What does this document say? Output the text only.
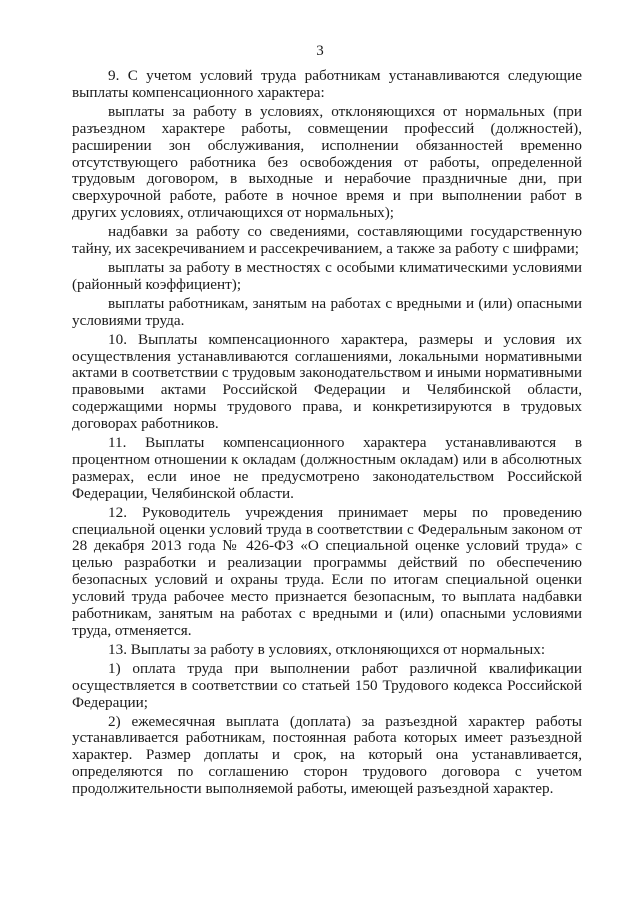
3

9. С учетом условий труда работникам устанавливаются следующие выплаты компенсационного характера:

выплаты за работу в условиях, отклоняющихся от нормальных (при разъездном характере работы, совмещении профессий (должностей), расширении зон обслуживания, исполнении обязанностей временно отсутствующего работника без освобождения от работы, определенной трудовым договором, в выходные и нерабочие праздничные дни, при сверхурочной работе, работе в ночное время и при выполнении работ в других условиях, отличающихся от нормальных);

надбавки за работу со сведениями, составляющими государственную тайну, их засекречиванием и рассекречиванием, а также за работу с шифрами;

выплаты за работу в местностях с особыми климатическими условиями (районный коэффициент);

выплаты работникам, занятым на работах с вредными и (или) опасными условиями труда.

10. Выплаты компенсационного характера, размеры и условия их осуществления устанавливаются соглашениями, локальными нормативными актами в соответствии с трудовым законодательством и иными нормативными правовыми актами Российской Федерации и Челябинской области, содержащими нормы трудового права, и конкретизируются в трудовых договорах работников.

11. Выплаты компенсационного характера устанавливаются в процентном отношении к окладам (должностным окладам) или в абсолютных размерах, если иное не предусмотрено законодательством Российской Федерации, Челябинской области.

12. Руководитель учреждения принимает меры по проведению специальной оценки условий труда в соответствии с Федеральным законом от 28 декабря 2013 года № 426-ФЗ «О специальной оценке условий труда» с целью разработки и реализации программы действий по обеспечению безопасных условий и охраны труда. Если по итогам специальной оценки условий труда рабочее место признается безопасным, то выплата надбавки работникам, занятым на работах с вредными и (или) опасными условиями труда, отменяется.

13. Выплаты за работу в условиях, отклоняющихся от нормальных:

1) оплата труда при выполнении работ различной квалификации осуществляется в соответствии со статьей 150 Трудового кодекса Российской Федерации;

2) ежемесячная выплата (доплата) за разъездной характер работы устанавливается работникам, постоянная работа которых имеет разъездной характер. Размер доплаты и срок, на который она устанавливается, определяются по соглашению сторон трудового договора с учетом продолжительности выполняемой работы, имеющей разъездной характер.
